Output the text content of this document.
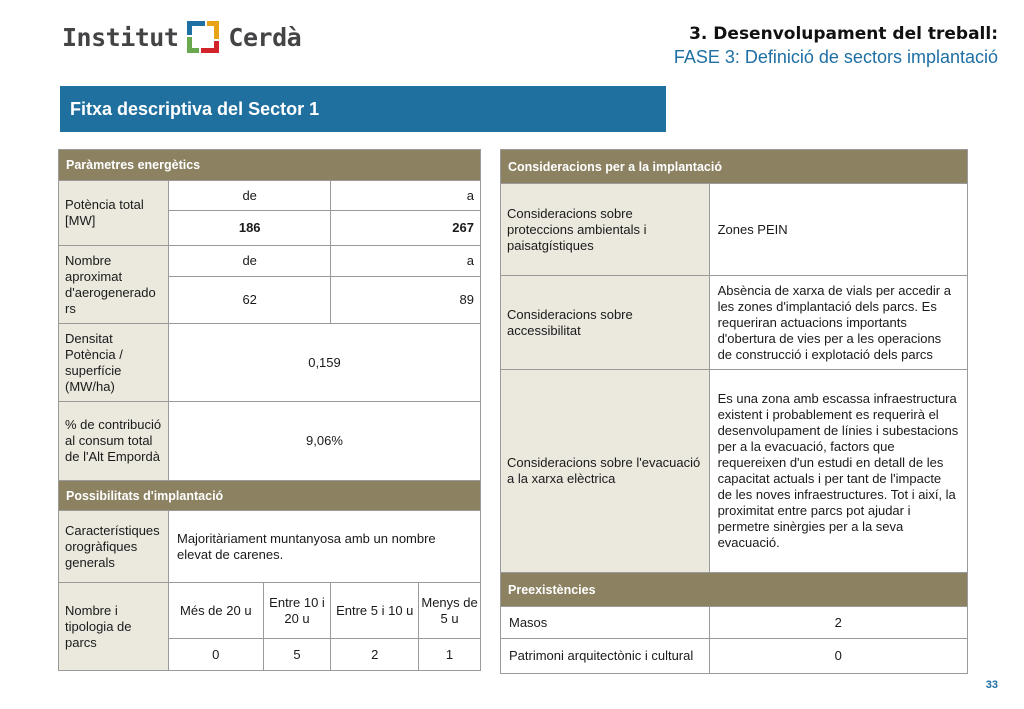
Institut Cerdà	3. Desenvolupament del treball:
FASE 3: Definició de sectors implantació
Fitxa descriptiva del Sector 1
Paràmetres energètics				
Potència total [MW]	de		a	
	186		267	
Nombre aproximat d'aerogenerado rs	de		a	
	62		89	
Densitat Potència / superfície (MW/ha)	0,159			
% de contribució al consum total de l'Alt Empordà	9,06%			
Possibilitats d'implantació				
Característiques orogràfiques generals	Majoritàriament muntanyosa amb un nombre elevat de carenes.			
Nombre i tipologia de parcs	Més de 20 u	Entre 10 i 20 u	Entre 5 i 10 u	Menys de 5 u
	0	5	2	1
Consideracions per a la implantació	
Consideracions sobre proteccions ambientals i paisatgístiques	Zones PEIN
Consideracions sobre accessibilitat	Absència de xarxa de vials per accedir a les zones d'implantació dels parcs. Es requeriran actuacions importants d'obertura de vies per a les operacions de construcció i explotació dels parcs
Consideracions sobre l'evacuació a la xarxa elèctrica	Es una zona amb escassa infraestructura existent i probablement es requerirà el desenvolupament de línies i subestacions per a la evacuació, factors que requereixen d'un estudi en detall de les capacitat actuals i per tant de l'impacte de les noves infraestructures. Tot i així, la proximitat entre parcs pot ajudar i permetre sinèrgies per a la seva evacuació.
Preexistències	
Masos	2
Patrimoni arquitectònic i cultural	0
33
